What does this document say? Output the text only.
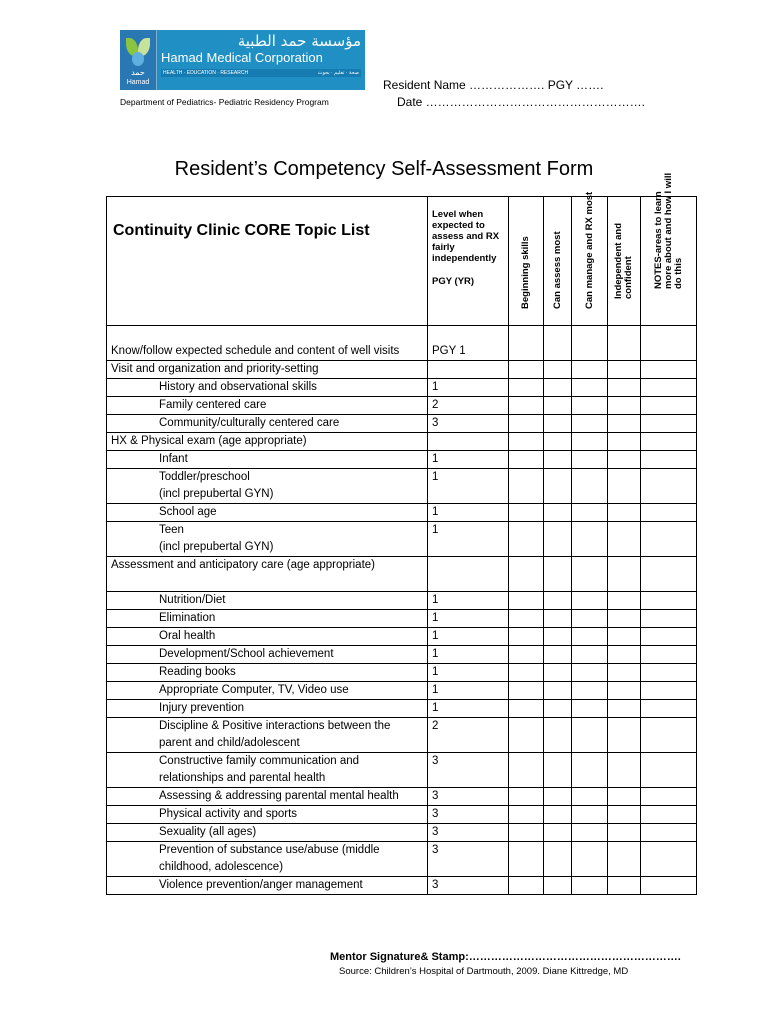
حمد
Hamad
مؤسسة حمد الطبية
Hamad Medical Corporation
HEALTH · EDUCATION · RESEARCH	صحة · تعليم · بحوث
Department of Pediatrics- Pediatric Residency Program
Resident Name ………………. PGY …….
Date ……………………………………………….
Resident’s Competency Self-Assessment Form
Continuity Clinic CORE Topic List	Level when expected to assess and RX fairly independently
PGY (YR)	Beginning skills	Can assess most	Can manage and RX most	Independent and confident	NOTES-areas to learn more about and how I will do this

Know/follow expected schedule and content of well visits	PGY 1					
Visit and organization and priority-setting						
History and observational skills	1					
Family centered care	2					
Community/culturally centered care	3					
HX & Physical exam (age appropriate)						
Infant	1					
Toddler/preschool
(incl prepubertal GYN)	1					
School age	1					
Teen
(incl prepubertal GYN)	1					
Assessment and anticipatory care (age appropriate)						
Nutrition/Diet	1					
Elimination	1					
Oral health	1					
Development/School achievement	1					
Reading books	1					
Appropriate Computer, TV, Video use	1					
Injury prevention	1					
Discipline & Positive interactions between the parent and child/adolescent	2					
Constructive family communication and relationships and parental health	3					
Assessing & addressing parental mental health	3					
Physical activity and sports	3					
Sexuality (all ages)	3					
Prevention of substance use/abuse (middle childhood, adolescence)	3					
Violence prevention/anger management	3					
Mentor Signature& Stamp:………………………………………………….
Source: Children’s Hospital of Dartmouth, 2009. Diane Kittredge, MD
